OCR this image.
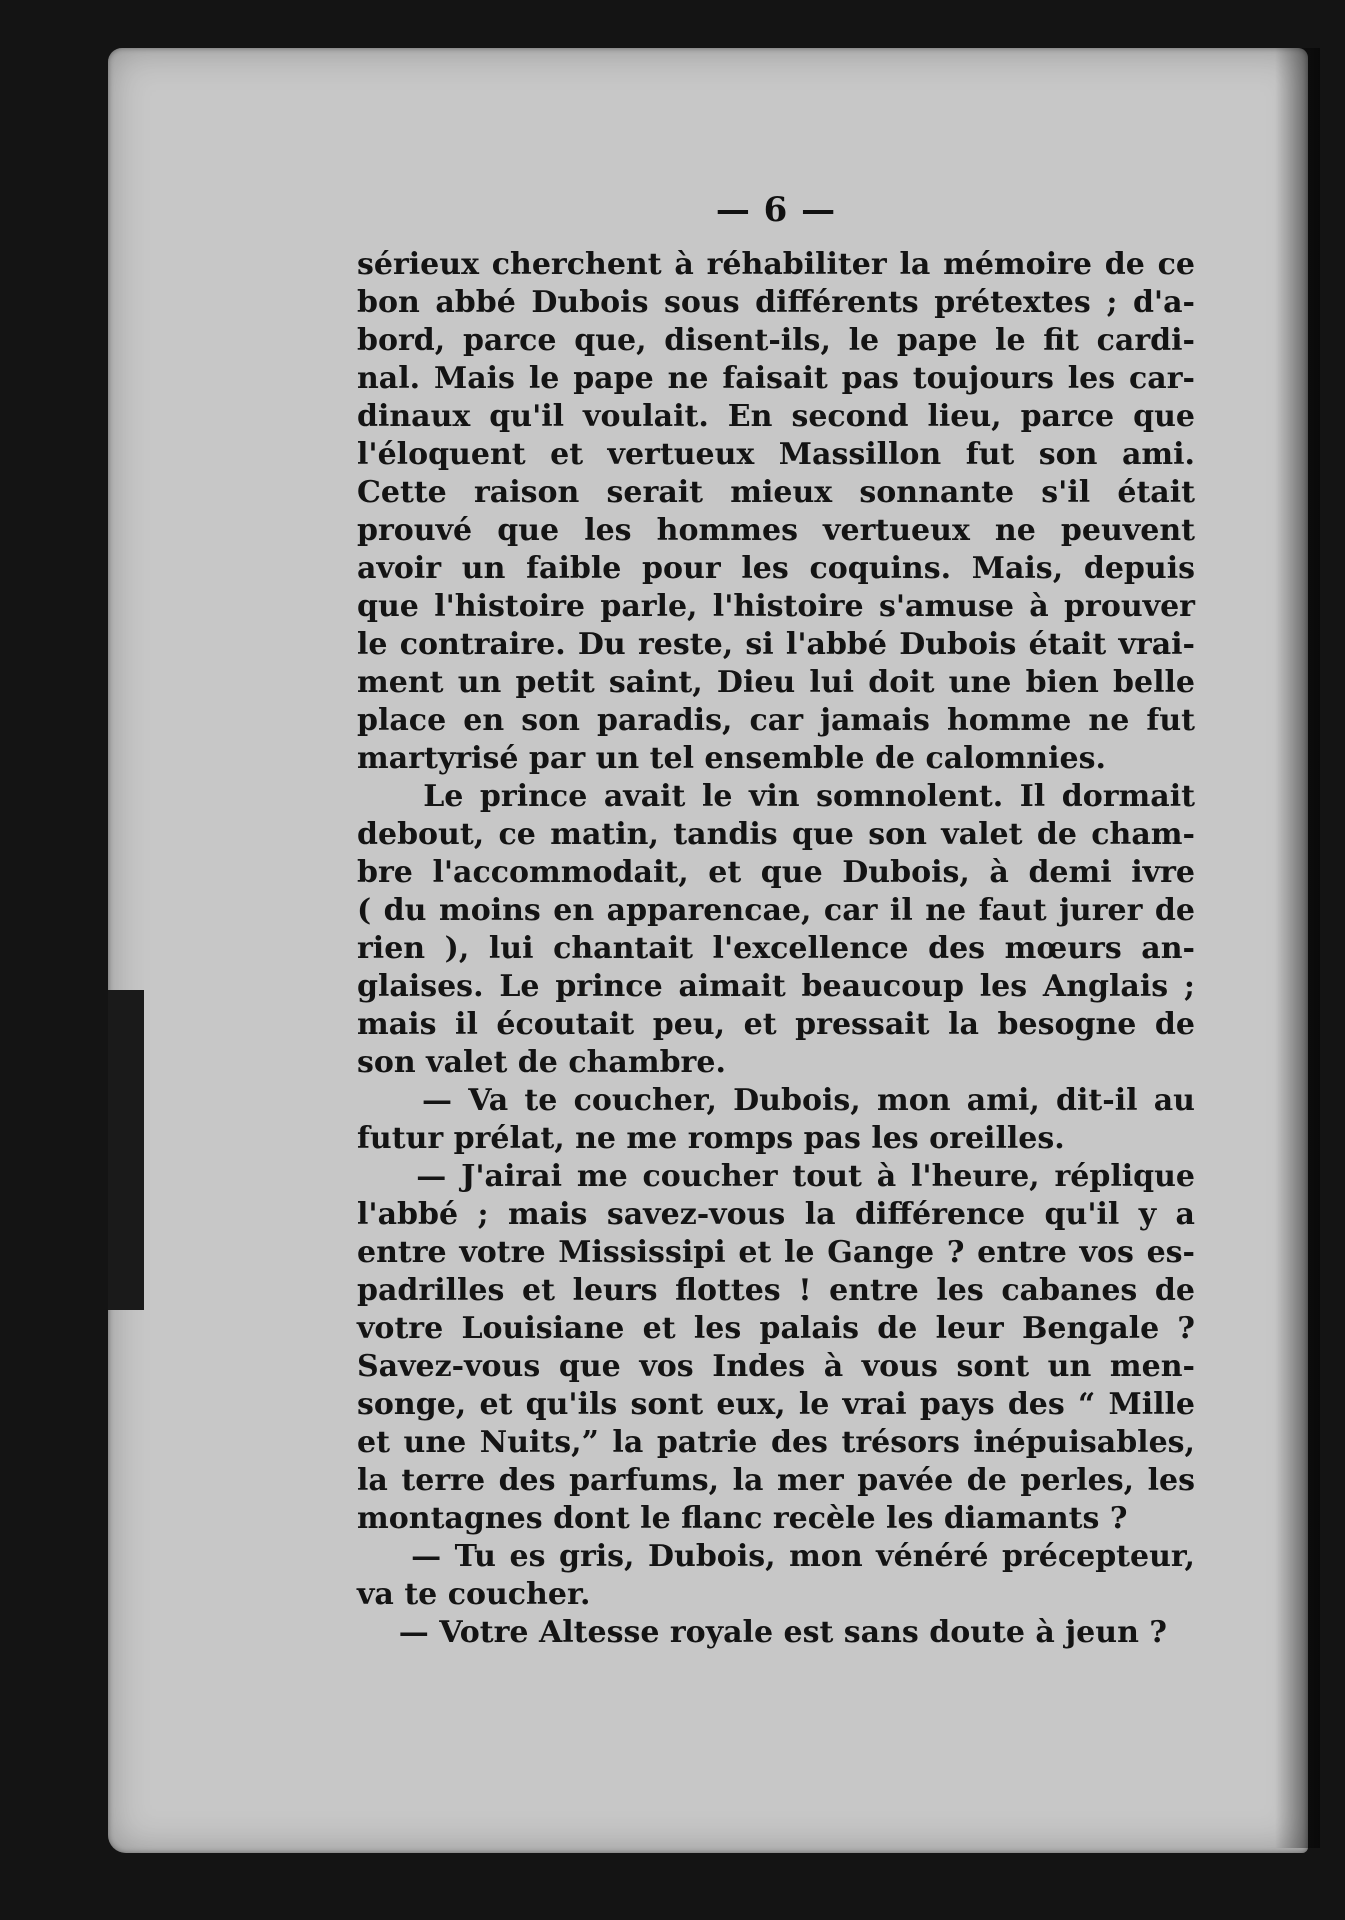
— 6 —
sérieux cherchent à réhabiliter la mémoire de ce
bon abbé Dubois sous différents prétextes ; d'a-
bord, parce que, disent-ils, le pape le fit cardi-
nal. Mais le pape ne faisait pas toujours les car-
dinaux qu'il voulait. En second lieu, parce que
l'éloquent et vertueux Massillon fut son ami.
Cette raison serait mieux sonnante s'il était
prouvé que les hommes vertueux ne peuvent
avoir un faible pour les coquins. Mais, depuis
que l'histoire parle, l'histoire s'amuse à prouver
le contraire. Du reste, si l'abbé Dubois était vrai-
ment un petit saint, Dieu lui doit une bien belle
place en son paradis, car jamais homme ne fut
martyrisé par un tel ensemble de calomnies.
Le prince avait le vin somnolent. Il dormait
debout, ce matin, tandis que son valet de cham-
bre l'accommodait, et que Dubois, à demi ivre
( du moins en apparencae, car il ne faut jurer de
rien ), lui chantait l'excellence des mœurs an-
glaises. Le prince aimait beaucoup les Anglais ;
mais il écoutait peu, et pressait la besogne de
son valet de chambre.
— Va te coucher, Dubois, mon ami, dit-il au
futur prélat, ne me romps pas les oreilles.
— J'airai me coucher tout à l'heure, réplique
l'abbé ; mais savez-vous la différence qu'il y a
entre votre Mississipi et le Gange ? entre vos es-
padrilles et leurs flottes ! entre les cabanes de
votre Louisiane et les palais de leur Bengale ?
Savez-vous que vos Indes à vous sont un men-
songe, et qu'ils sont eux, le vrai pays des “ Mille
et une Nuits,” la patrie des trésors inépuisables,
la terre des parfums, la mer pavée de perles, les
montagnes dont le flanc recèle les diamants ?
— Tu es gris, Dubois, mon vénéré précepteur,
va te coucher.
— Votre Altesse royale est sans doute à jeun ?
